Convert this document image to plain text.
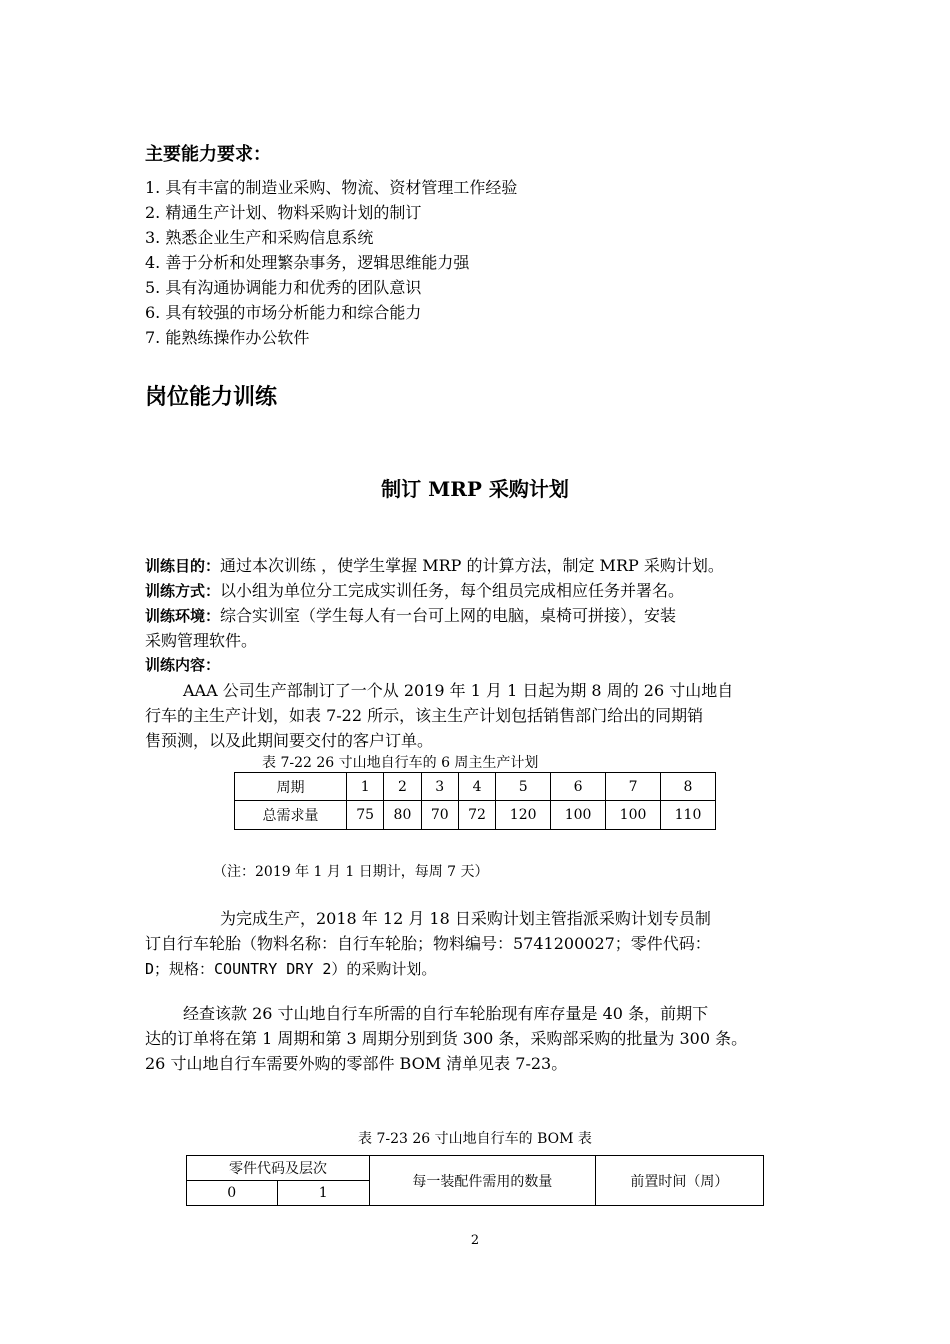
主要能力要求：
1. 具有丰富的制造业采购、物流、资材管理工作经验
2. 精通生产计划、物料采购计划的制订
3. 熟悉企业生产和采购信息系统
4. 善于分析和处理繁杂事务，逻辑思维能力强
5. 具有沟通协调能力和优秀的团队意识
6. 具有较强的市场分析能力和综合能力
7. 能熟练操作办公软件
岗位能力训练
制订 MRP 采购计划
训练目的：通过本次训练 ，使学生掌握 MRP 的计算方法，制定 MRP 采购计划。
训练方式：以小组为单位分工完成实训任务，每个组员完成相应任务并署名。
训练环境：综合实训室（学生每人有一台可上网的电脑，桌椅可拼接），安装
采购管理软件。
训练内容：
AAA 公司生产部制订了一个从 2019 年 1 月 1 日起为期 8 周的 26 寸山地自
行车的主生产计划，如表 7-22 所示，该主生产计划包括销售部门给出的同期销
售预测，以及此期间要交付的客户订单。
表 7-22 26 寸山地自行车的 6 周主生产计划
周期	1	2	3	4	5	6	7	8
总需求量	75	80	70	72	120	100	100	110
（注：2019 年 1 月 1 日期计，每周 7 天）
为完成生产，2018 年 12 月 18 日采购计划主管指派采购计划专员制
订自行车轮胎（物料名称：自行车轮胎；物料编号：5741200027；零件代码：
D；规格：COUNTRY DRY 2）的采购计划。
经查该款 26 寸山地自行车所需的自行车轮胎现有库存量是 40 条，前期下
达的订单将在第 1 周期和第 3 周期分别到货 300 条，采购部采购的批量为 300 条。
26 寸山地自行车需要外购的零部件 BOM 清单见表 7-23。
表 7-23 26 寸山地自行车的 BOM 表
零件代码及层次		每一装配件需用的数量	前置时间（周）
0	1		
2
